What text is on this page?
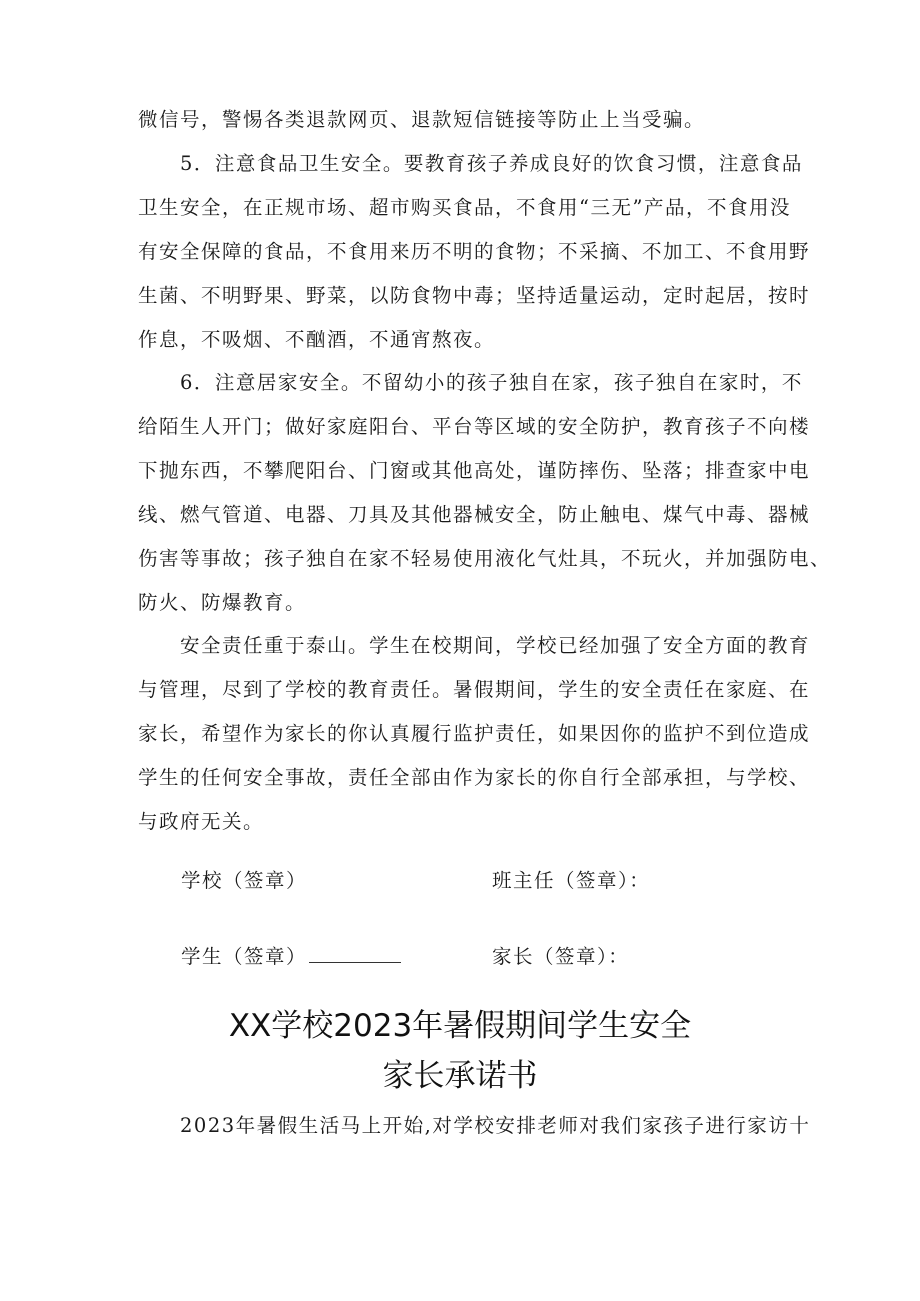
微信号，警惕各类退款网页、退款短信链接等防止上当受骗。
5．注意食品卫生安全。要教育孩子养成良好的饮食习惯，注意食品
卫生安全，在正规市场、超市购买食品，不食用“三无”产品，不食用没
有安全保障的食品，不食用来历不明的食物；不采摘、不加工、不食用野
生菌、不明野果、野菜，以防食物中毒；坚持适量运动，定时起居，按时
作息，不吸烟、不酗酒，不通宵熬夜。
6．注意居家安全。不留幼小的孩子独自在家，孩子独自在家时，不
给陌生人开门；做好家庭阳台、平台等区域的安全防护，教育孩子不向楼
下抛东西，不攀爬阳台、门窗或其他高处，谨防摔伤、坠落；排查家中电
线、燃气管道、电器、刀具及其他器械安全，防止触电、煤气中毒、器械
伤害等事故；孩子独自在家不轻易使用液化气灶具，不玩火，并加强防电、
防火、防爆教育。
安全责任重于泰山。学生在校期间，学校已经加强了安全方面的教育
与管理，尽到了学校的教育责任。暑假期间，学生的安全责任在家庭、在
家长，希望作为家长的你认真履行监护责任，如果因你的监护不到位造成
学生的任何安全事故，责任全部由作为家长的你自行全部承担，与学校、
与政府无关。
学校（签章）	班主任（签章）：
学生（签章）	家长（签章）：
XX学校2023年暑假期间学生安全
家长承诺书
2023年暑假生活马上开始,对学校安排老师对我们家孩子进行家访十
